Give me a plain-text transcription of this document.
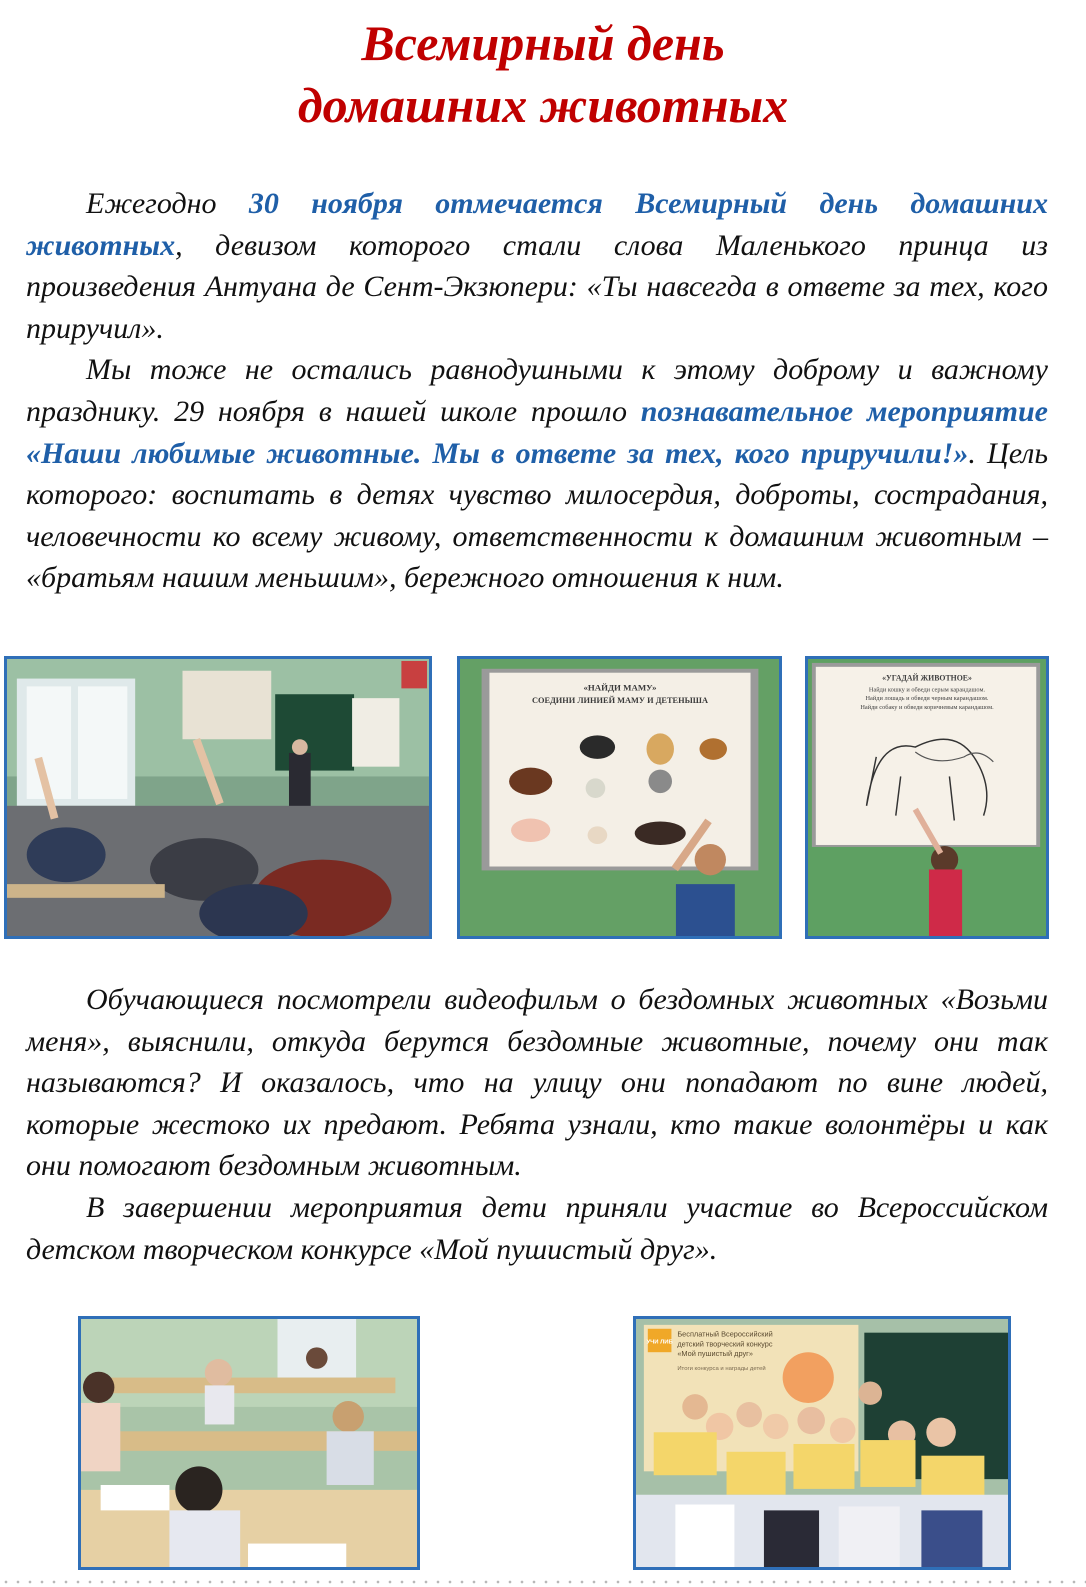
Всемирный день
домашних животных

Ежегодно 30 ноября отмечается Всемирный день домашних животных, девизом которого стали слова Маленького принца из произведения Антуана де Сент-Экзюпери: «Ты навсегда в ответе за тех, кого приручил».

Мы тоже не остались равнодушными к этому доброму и важному празднику. 29 ноября в нашей школе прошло познавательное мероприятие «Наши любимые животные. Мы в ответе за тех, кого приручили!». Цель которого: воспитать в детях чувство милосердия, доброты, сострадания, человечности ко всему живому, ответственности к домашним животным – «братьям нашим меньшим», бережного отношения к ним.

«НАЙДИ МАМУ»
СОЕДИНИ ЛИНИЕЙ МАМУ И ДЕТЕНЫША
«УГАДАЙ ЖИВОТНОЕ»
Найди кошку и обведи серым карандашом.
Найди лошадь и обведи черным карандашом.
Найди собаку и обведи коричневым карандашом.

Обучающиеся посмотрели видеофильм о бездомных животных «Возьми меня», выяснили, откуда берутся бездомные животные, почему они так называются? И оказалось, что на улицу они попадают по вине людей, которые жестоко их предают. Ребята узнали, кто такие волонтёры и как они помогают бездомным животным.

В завершении мероприятия дети приняли участие во Всероссийском детском творческом конкурсе «Мой пушистый друг».

УЧИ ЛИБ
Бесплатный Всероссийский
детский творческий конкурс
«Мой пушистый друг»
Итоги конкурса и награды детей
